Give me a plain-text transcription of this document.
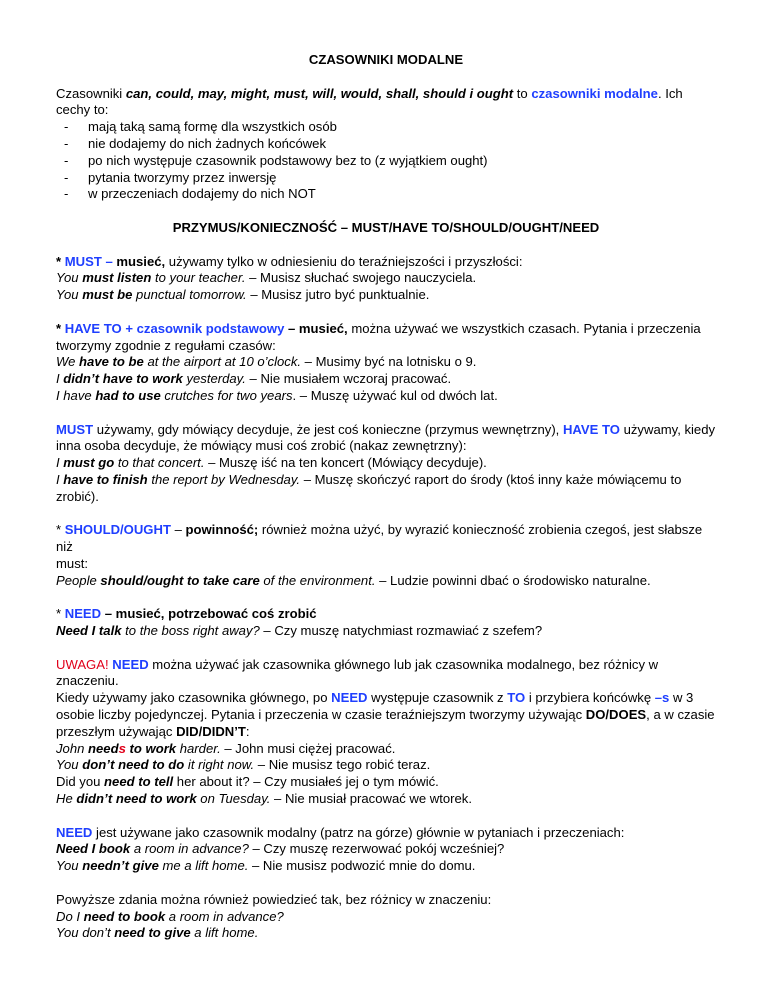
CZASOWNIKI MODALNE

Czasowniki can, could, may, might, must, will, would, shall, should i ought to czasowniki modalne. Ich cechy to:

- mają taką samą formę dla wszystkich osób
- nie dodajemy do nich żadnych końcówek
- po nich występuje czasownik podstawowy bez to (z wyjątkiem ought)
- pytania tworzymy przez inwersję
- w przeczeniach dodajemy do nich NOT

PRZYMUS/KONIECZNOŚĆ – MUST/HAVE TO/SHOULD/OUGHT/NEED

* MUST – musieć, używamy tylko w odniesieniu do teraźniejszości i przyszłości:

You must listen to your teacher. – Musisz słuchać swojego nauczyciela.

You must be punctual tomorrow. – Musisz jutro być punktualnie.

* HAVE TO + czasownik podstawowy – musieć, można używać we wszystkich czasach. Pytania i przeczenia

tworzymy zgodnie z regułami czasów:

We have to be at the airport at 10 o’clock. – Musimy być na lotnisku o 9.

I didn’t have to work yesterday. – Nie musiałem wczoraj pracować.

I have had to use crutches for two years. – Muszę używać kul od dwóch lat.

MUST używamy, gdy mówiący decyduje, że jest coś konieczne (przymus wewnętrzny), HAVE TO używamy, kiedy

inna osoba decyduje, że mówiący musi coś zrobić (nakaz zewnętrzny):

I must go to that concert. – Muszę iść na ten koncert (Mówiący decyduje).

I have to finish the report by Wednesday. – Muszę skończyć raport do środy (ktoś inny każe mówiącemu to

zrobić).

* SHOULD/OUGHT – powinność; również można użyć, by wyrazić konieczność zrobienia czegoś, jest słabsze niż

must:

People should/ought to take care of the environment. – Ludzie powinni dbać o środowisko naturalne.

* NEED – musieć, potrzebować coś zrobić

Need I talk to the boss right away? – Czy muszę natychmiast rozmawiać z szefem?

UWAGA! NEED można używać jak czasownika głównego lub jak czasownika modalnego, bez różnicy w znaczeniu.

Kiedy używamy jako czasownika głównego, po NEED występuje czasownik z TO i przybiera końcówkę –s w 3

osobie liczby pojedynczej. Pytania i przeczenia w czasie teraźniejszym tworzymy używając DO/DOES, a w czasie

przeszłym używając DID/DIDN’T:

John needs to work harder. – John musi ciężej pracować.

You don’t need to do it right now. – Nie musisz tego robić teraz.

Did you need to tell her about it? – Czy musiałeś jej o tym mówić.

He didn’t need to work on Tuesday. – Nie musiał pracować we wtorek.

NEED jest używane jako czasownik modalny (patrz na górze) głównie w pytaniach i przeczeniach:

Need I book a room in advance? – Czy muszę rezerwować pokój wcześniej?

You needn’t give me a lift home. – Nie musisz podwozić mnie do domu.

Powyższe zdania można również powiedzieć tak, bez różnicy w znaczeniu:

Do I need to book a room in advance?

You don’t need to give a lift home.
